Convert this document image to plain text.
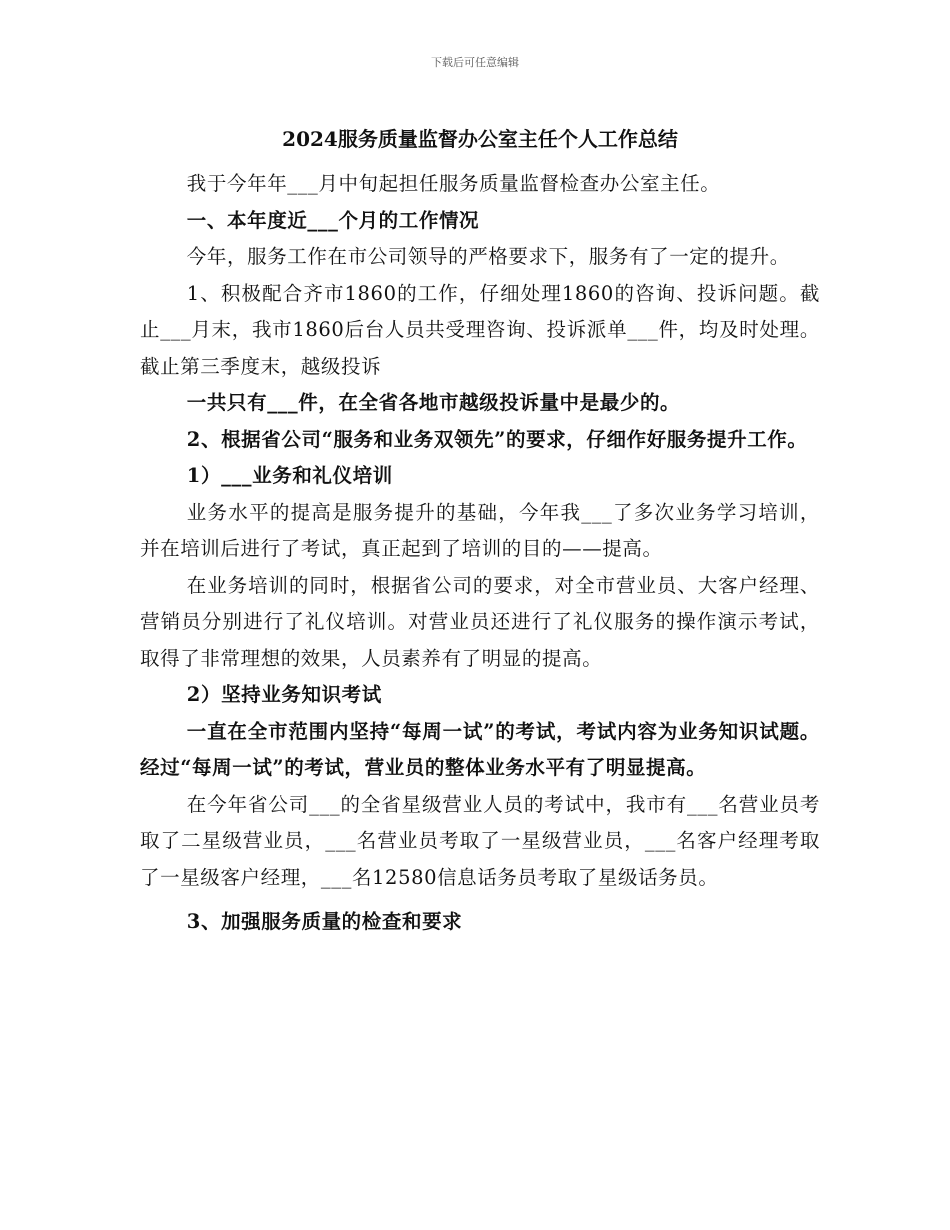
下载后可任意编辑
2024服务质量监督办公室主任个人工作总结

我于今年年___月中旬起担任服务质量监督检查办公室主任。

一、本年度近___个月的工作情况

今年，服务工作在市公司领导的严格要求下，服务有了一定的提升。

1、积极配合齐市1860的工作，仔细处理1860的咨询、投诉问题。截止___月末，我市1860后台人员共受理咨询、投诉派单___件，均及时处理。截止第三季度末，越级投诉

一共只有___件，在全省各地市越级投诉量中是最少的。

2、根据省公司“服务和业务双领先”的要求，仔细作好服务提升工作。

1）___业务和礼仪培训

业务水平的提高是服务提升的基础，今年我___了多次业务学习培训，并在培训后进行了考试，真正起到了培训的目的——提高。

在业务培训的同时，根据省公司的要求，对全市营业员、大客户经理、营销员分别进行了礼仪培训。对营业员还进行了礼仪服务的操作演示考试，取得了非常理想的效果，人员素养有了明显的提高。

2）坚持业务知识考试

一直在全市范围内坚持“每周一试”的考试，考试内容为业务知识试题。经过“每周一试”的考试，营业员的整体业务水平有了明显提高。

在今年省公司___的全省星级营业人员的考试中，我市有___名营业员考取了二星级营业员，___名营业员考取了一星级营业员，___名客户经理考取了一星级客户经理，___名12580信息话务员考取了星级话务员。

3、加强服务质量的检查和要求
